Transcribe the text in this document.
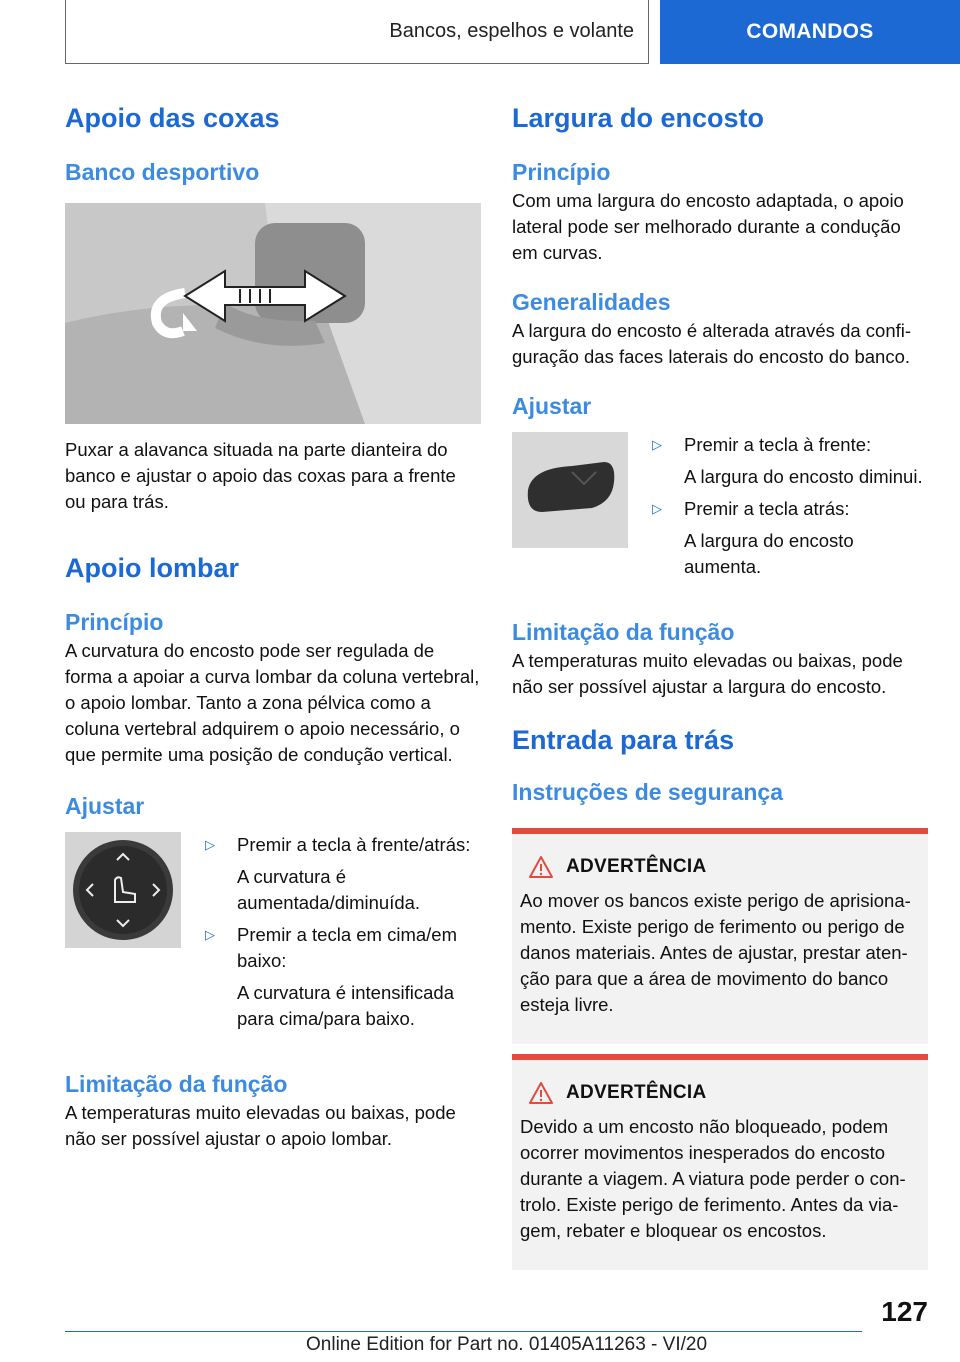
Bancos, espelhos e volante	COMANDOS
Apoio das coxas
Banco desportivo

Puxar a alavanca situada na parte dianteira do banco e ajustar o apoio das coxas para a frente ou para trás.

Apoio lombar
Princípio

A curvatura do encosto pode ser regulada de forma a apoiar a curva lombar da coluna vertebral, o apoio lombar. Tanto a zona pélvica como a coluna vertebral adquirem o apoio necessário, o que permite uma posição de condução vertical.

Ajustar
▷	Premir a tecla à frente/atrás:
A curvatura é aumentada/diminuída.
▷	Premir a tecla em cima/em baixo:
A curvatura é intensificada para cima/para baixo.
Limitação da função

A temperaturas muito elevadas ou baixas, pode não ser possível ajustar o apoio lombar.

Largura do encosto
Princípio

Com uma largura do encosto adaptada, o apoio lateral pode ser melhorado durante a condução em curvas.

Generalidades

A largura do encosto é alterada através da configuração das faces laterais do encosto do banco.

Ajustar
▷	Premir a tecla à frente:
A largura do encosto diminui.
▷	Premir a tecla atrás:
A largura do encosto aumenta.
Limitação da função

A temperaturas muito elevadas ou baixas, pode não ser possível ajustar a largura do encosto.

Entrada para trás
Instruções de segurança
ADVERTÊNCIA

Ao mover os bancos existe perigo de aprisionamento. Existe perigo de ferimento ou perigo de danos materiais. Antes de ajustar, prestar atenção para que a área de movimento do banco esteja livre.

ADVERTÊNCIA

Devido a um encosto não bloqueado, podem ocorrer movimentos inesperados do encosto durante a viagem. A viatura pode perder o controlo. Existe perigo de ferimento. Antes da viagem, rebater e bloquear os encostos.

127
Online Edition for Part no. 01405A11263 - VI/20
